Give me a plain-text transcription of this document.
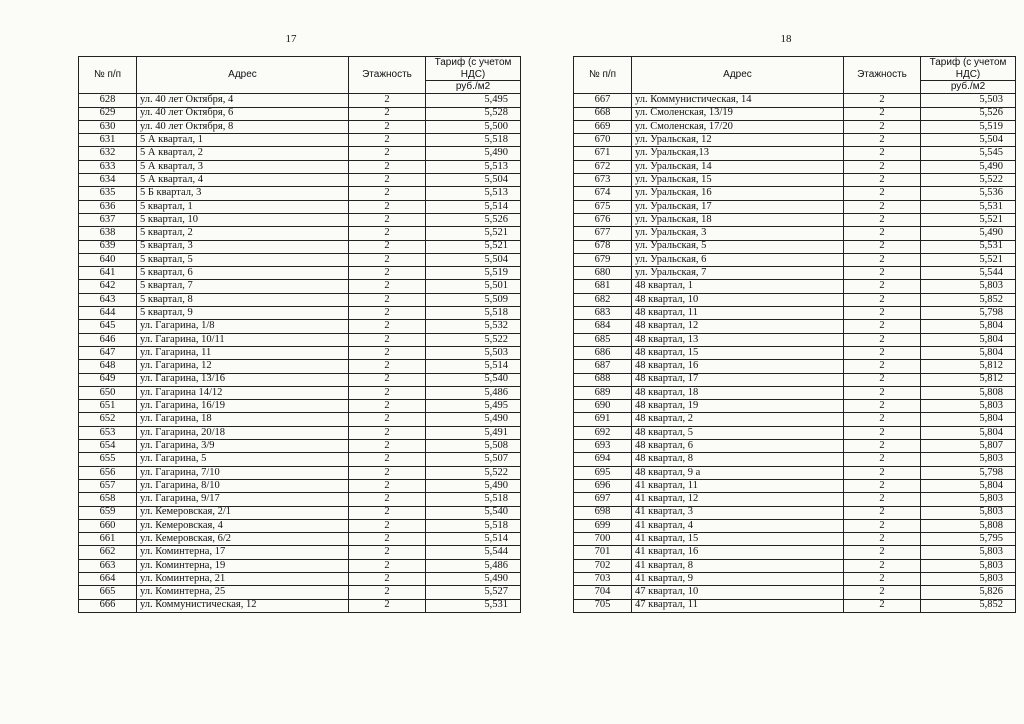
17	18
№ п/п	Адрес	Этажность	Тариф (с учетом НДС)
			руб./м2
628	ул. 40 лет Октября, 4	2	5,495
629	ул. 40 лет Октября, 6	2	5,528
630	ул. 40 лет Октября, 8	2	5,500
631	5 А квартал, 1	2	5,518
632	5 А квартал, 2	2	5,490
633	5 А квартал, 3	2	5,513
634	5 А квартал, 4	2	5,504
635	5 Б квартал, 3	2	5,513
636	5 квартал, 1	2	5,514
637	5 квартал, 10	2	5,526
638	5 квартал, 2	2	5,521
639	5 квартал, 3	2	5,521
640	5 квартал, 5	2	5,504
641	5 квартал, 6	2	5,519
642	5 квартал, 7	2	5,501
643	5 квартал, 8	2	5,509
644	5 квартал, 9	2	5,518
645	ул. Гагарина, 1/8	2	5,532
646	ул. Гагарина, 10/11	2	5,522
647	ул. Гагарина, 11	2	5,503
648	ул. Гагарина, 12	2	5,514
649	ул. Гагарина, 13/16	2	5,540
650	ул. Гагарина 14/12	2	5,486
651	ул. Гагарина, 16/19	2	5,495
652	ул. Гагарина, 18	2	5,490
653	ул. Гагарина, 20/18	2	5,491
654	ул. Гагарина, 3/9	2	5,508
655	ул. Гагарина, 5	2	5,507
656	ул. Гагарина, 7/10	2	5,522
657	ул. Гагарина, 8/10	2	5,490
658	ул. Гагарина, 9/17	2	5,518
659	ул. Кемеровская, 2/1	2	5,540
660	ул. Кемеровская, 4	2	5,518
661	ул. Кемеровская, 6/2	2	5,514
662	ул. Коминтерна, 17	2	5,544
663	ул. Коминтерна, 19	2	5,486
664	ул. Коминтерна, 21	2	5,490
665	ул. Коминтерна, 25	2	5,527
666	ул. Коммунистическая, 12	2	5,531
№ п/п	Адрес	Этажность	Тариф (с учетом НДС)
			руб./м2
667	ул. Коммунистическая, 14	2	5,503
668	ул. Смоленская, 13/19	2	5,526
669	ул. Смоленская, 17/20	2	5,519
670	ул. Уральская, 12	2	5,504
671	ул. Уральская,13	2	5,545
672	ул. Уральская, 14	2	5,490
673	ул. Уральская, 15	2	5,522
674	ул. Уральская, 16	2	5,536
675	ул. Уральская, 17	2	5,531
676	ул. Уральская, 18	2	5,521
677	ул. Уральская, 3	2	5,490
678	ул. Уральская, 5	2	5,531
679	ул. Уральская, 6	2	5,521
680	ул. Уральская, 7	2	5,544
681	48 квартал, 1	2	5,803
682	48 квартал, 10	2	5,852
683	48 квартал, 11	2	5,798
684	48 квартал, 12	2	5,804
685	48 квартал, 13	2	5,804
686	48 квартал, 15	2	5,804
687	48 квартал, 16	2	5,812
688	48 квартал, 17	2	5,812
689	48 квартал, 18	2	5,808
690	48 квартал, 19	2	5,803
691	48 квартал, 2	2	5,804
692	48 квартал, 5	2	5,804
693	48 квартал, 6	2	5,807
694	48 квартал, 8	2	5,803
695	48 квартал, 9 а	2	5,798
696	41 квартал, 11	2	5,804
697	41 квартал, 12	2	5,803
698	41 квартал, 3	2	5,803
699	41 квартал, 4	2	5,808
700	41 квартал, 15	2	5,795
701	41 квартал, 16	2	5,803
702	41 квартал, 8	2	5,803
703	41 квартал, 9	2	5,803
704	47 квартал, 10	2	5,826
705	47 квартал, 11	2	5,852
